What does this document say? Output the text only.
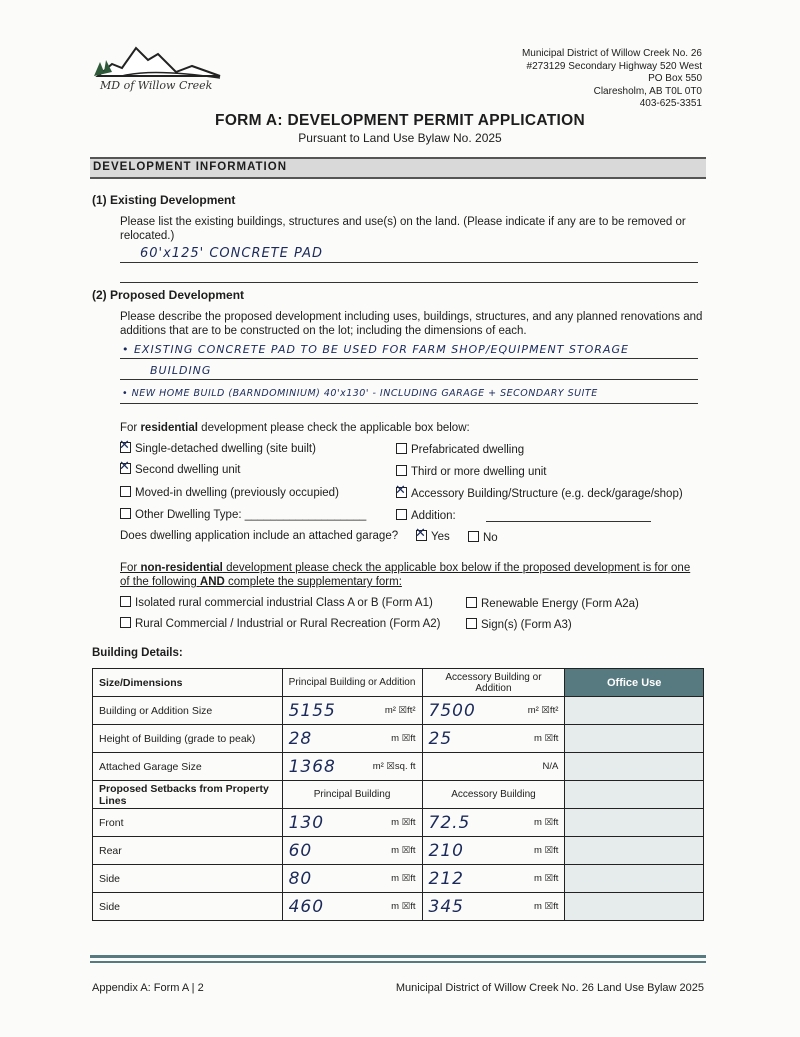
MD of Willow Creek
Municipal District of Willow Creek No. 26
#273129 Secondary Highway 520 West
PO Box 550
Claresholm, AB T0L 0T0
403-625-3351
FORM A: DEVELOPMENT PERMIT APPLICATION
Pursuant to Land Use Bylaw No. 2025
DEVELOPMENT INFORMATION
(1) Existing Development
Please list the existing buildings, structures and use(s) on the land. (Please indicate if any are to be removed or relocated.)
60'x125' CONCRETE PAD
(2) Proposed Development
Please describe the proposed development including uses, buildings, structures, and any planned renovations and additions that are to be constructed on the lot; including the dimensions of each.
• EXISTING CONCRETE PAD TO BE USED FOR FARM SHOP/EQUIPMENT STORAGE
BUILDING
• NEW HOME BUILD (BARNDOMINIUM) 40'x130' - INCLUDING GARAGE + SECONDARY SUITE
For residential development please check the applicable box below:
✕Single-detached dwelling (site built)	Prefabricated dwelling
✕Second dwelling unit	Third or more dwelling unit
Moved-in dwelling (previously occupied) ✕	Accessory Building/Structure (e.g. deck/garage/shop)
Other Dwelling Type: ___________________	Addition:
Does dwelling application include an attached garage? ✕	Yes	No
For non-residential development please check the applicable box below if the proposed development is for one of the following AND complete the supplementary form:
Isolated rural commercial industrial Class A or B (Form A1)	Renewable Energy (Form A2a)
Rural Commercial / Industrial or Rural Recreation (Form A2)	Sign(s) (Form A3)
Building Details:
Size/Dimensions	Principal Building or Addition	Accessory Building or Addition	Office Use
Building or Addition Size	5155 m² ☒ft²	7500 m² ☒ft²	

Height of Building (grade to peak)	28 m ☒ft	25 m ☒ft	

Attached Garage Size	1368 m² ☒sq. ft	N/A	

Proposed Setbacks from Property Lines	Principal Building	Accessory Building	
Front	130 m ☒ft	72.5 m ☒ft	

Rear	60 m ☒ft	210 m ☒ft	

Side	80 m ☒ft	212 m ☒ft	

Side	460 m ☒ft	345 m ☒ft	

Appendix A: Form A | 2	Municipal District of Willow Creek No. 26 Land Use Bylaw 2025
